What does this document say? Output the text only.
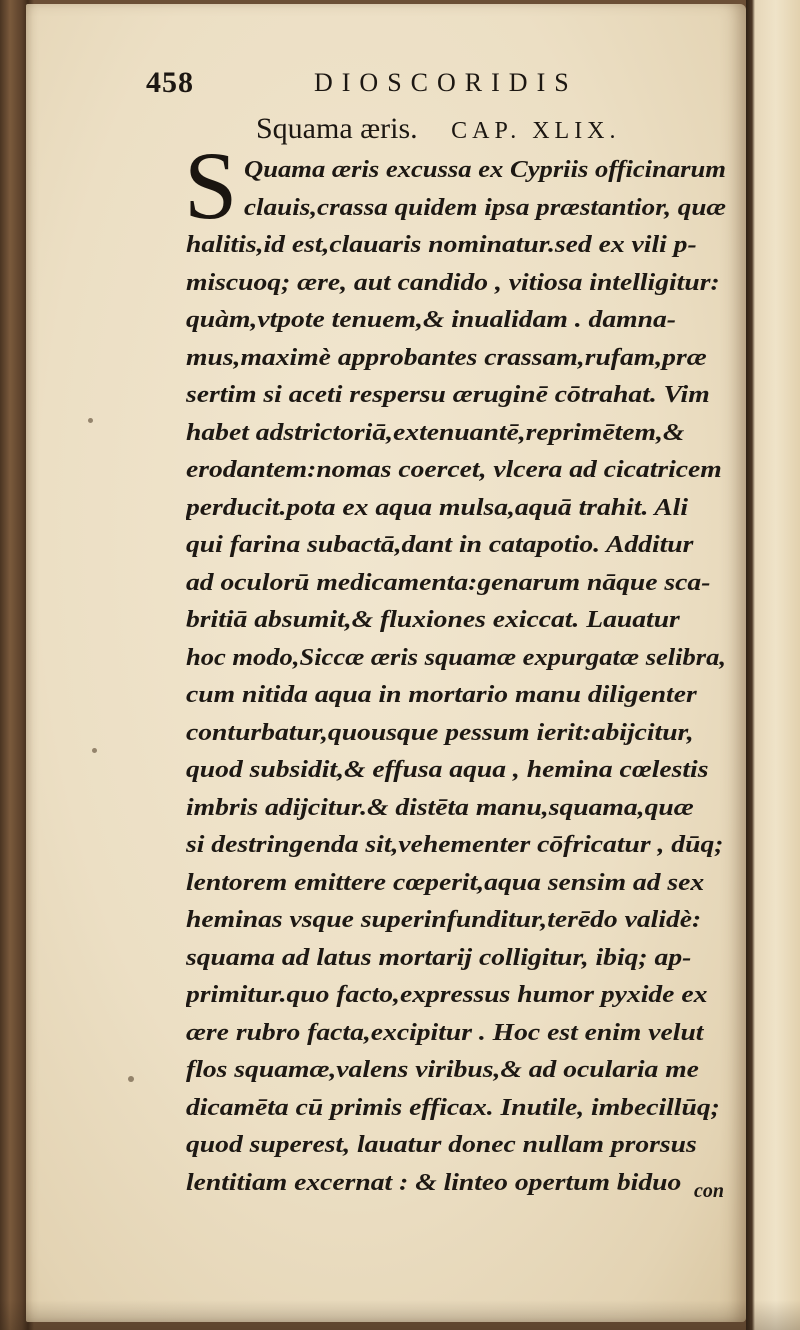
458	DIOSCORIDIS
Squama æris. CAP. XLIX.
S Quama æris excussa ex Cypriis officinarum
clauis,crassa quidem ipsa præstantior, quæ
halitis,id est,clauaris nominatur.sed ex vili p-
miscuoq; ære, aut candido , vitiosa intelligitur:
quàm,vtpote tenuem,& inualidam . damna-
mus,maximè approbantes crassam,rufam,præ
sertim si aceti respersu æruginē cōtrahat. Vim
habet adstrictoriā,extenuantē,reprimētem,&
erodantem:nomas coercet, vlcera ad cicatricem
perducit.pota ex aqua mulsa,aquā trahit. Ali
qui farina subactā,dant in catapotio. Additur
ad oculorū medicamenta:genarum nāque sca-
britiā absumit,& fluxiones exiccat. Lauatur
hoc modo,Siccæ æris squamæ expurgatæ selibra,
cum nitida aqua in mortario manu diligenter
conturbatur,quousque pessum ierit:abijcitur,
quod subsidit,& effusa aqua , hemina cœlestis
imbris adijcitur.& distēta manu,squama,quæ
si destringenda sit,vehementer cōfricatur , dūq;
lentorem emittere cœperit,aqua sensim ad sex
heminas vsque superinfunditur,terēdo validè:
squama ad latus mortarij colligitur, ibiq; ap-
primitur.quo facto,expressus humor pyxide ex
ære rubro facta,excipitur . Hoc est enim velut
flos squamæ,valens viribus,& ad ocularia me
dicamēta cū primis efficax. Inutile, imbecillūq;
quod superest, lauatur donec nullam prorsus
lentitiam excernat : & linteo opertum biduo con
